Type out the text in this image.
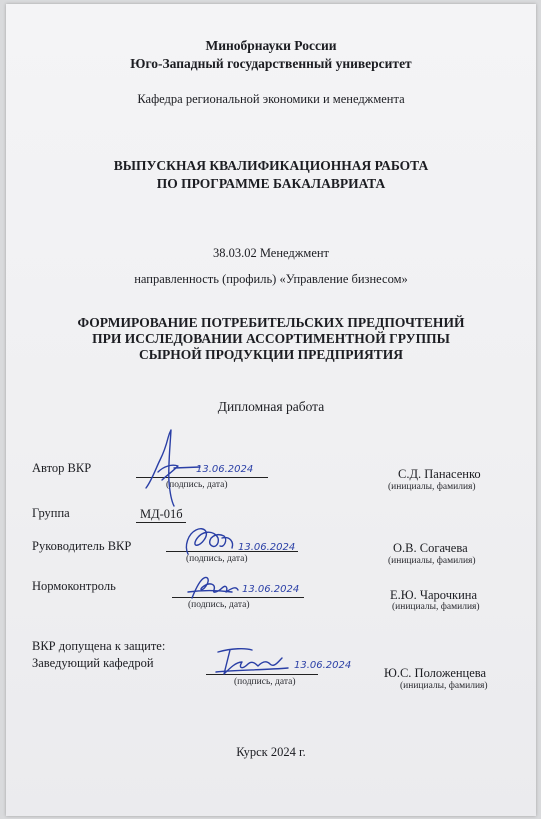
Минобрнауки России
Юго-Западный государственный университет
Кафедра региональной экономики и менеджмента
ВЫПУСКНАЯ КВАЛИФИКАЦИОННАЯ РАБОТА
ПО ПРОГРАММЕ БАКАЛАВРИАТА
38.03.02 Менеджмент
направленность (профиль) «Управление бизнесом»
ФОРМИРОВАНИЕ ПОТРЕБИТЕЛЬСКИХ ПРЕДПОЧТЕНИЙ
ПРИ ИССЛЕДОВАНИИ АССОРТИМЕНТНОЙ ГРУППЫ
СЫРНОЙ ПРОДУКЦИИ ПРЕДПРИЯТИЯ
Дипломная работа
Автор ВКР
(подпись, дата)
13.06.2024	С.Д. Панасенко
(инициалы, фамилия)
Группа	МД-01б
Руководитель ВКР
(подпись, дата)
13.06.2024	О.В. Согачева
(инициалы, фамилия)
Нормоконтроль
(подпись, дата)
13.06.2024	Е.Ю. Чарочкина
(инициалы, фамилия)
ВКР допущена к защите:
Заведующий кафедрой
(подпись, дата)
13.06.2024
Ю.С. Положенцева
(инициалы, фамилия)
Курск 2024 г.
